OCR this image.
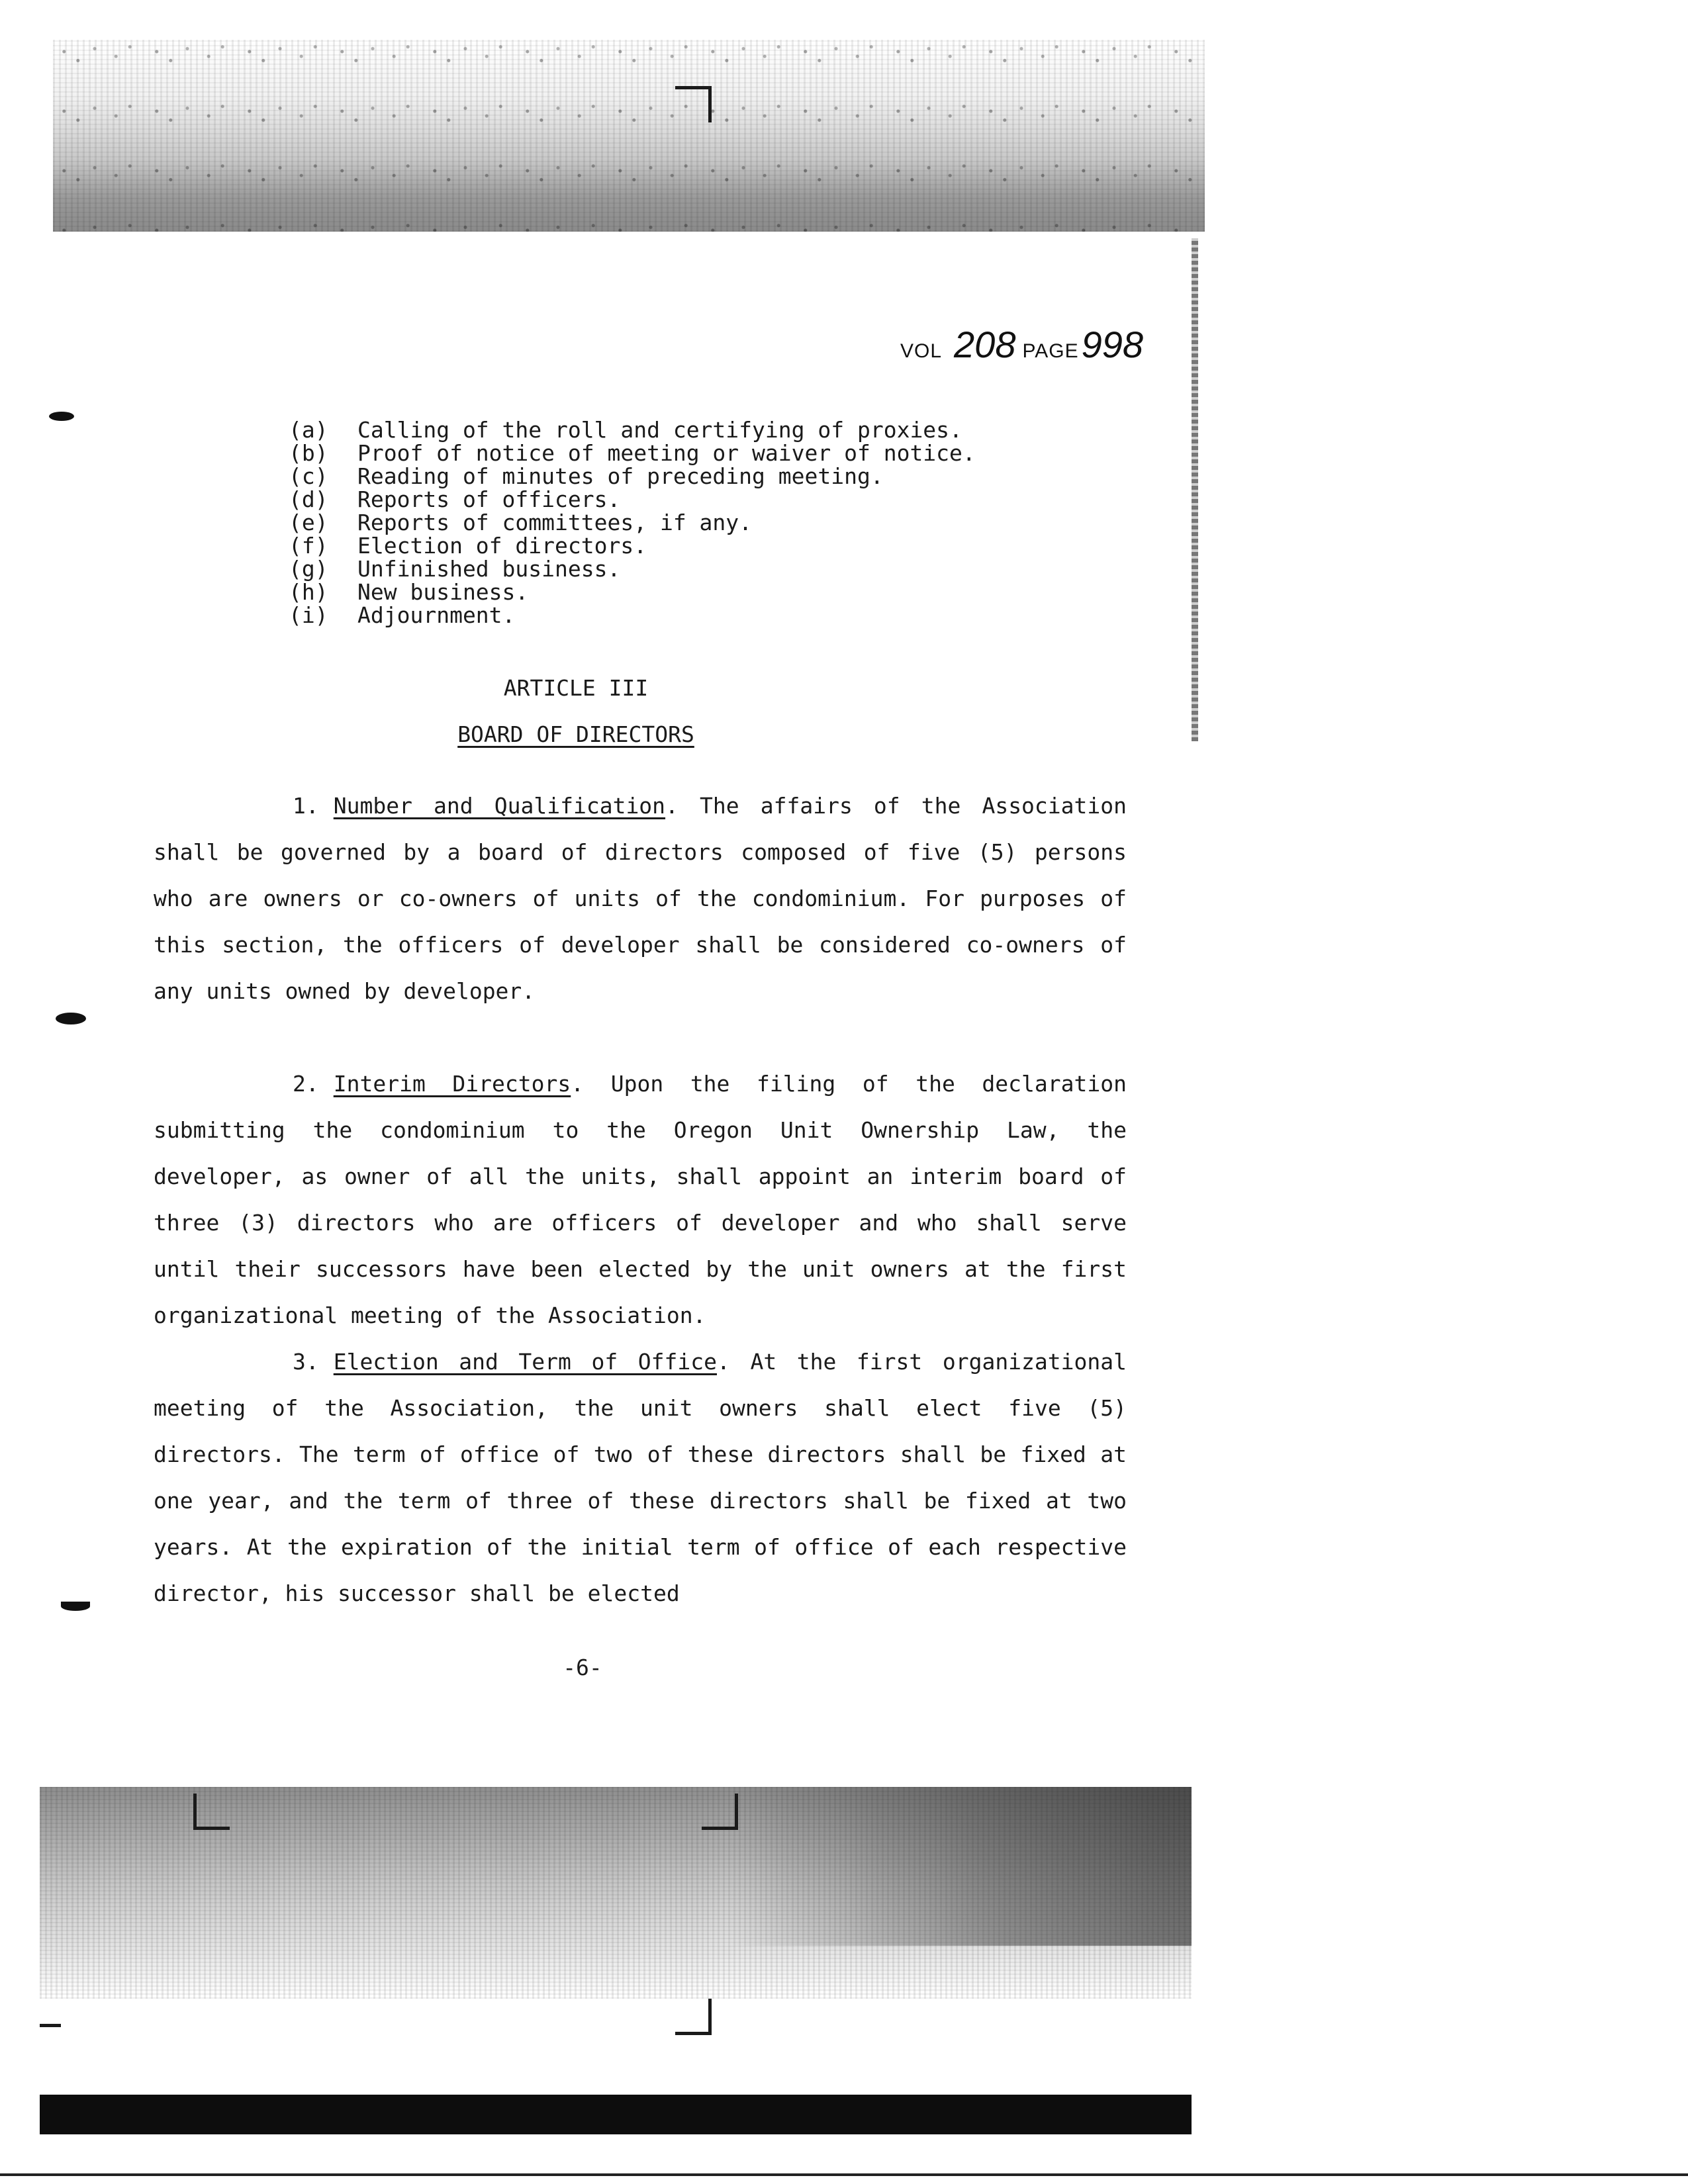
VOL 208 PAGE998
(a) Calling of the roll and certifying of proxies.
(b) Proof of notice of meeting or waiver of notice.
(c) Reading of minutes of preceding meeting.
(d) Reports of officers.
(e) Reports of committees, if any.
(f) Election of directors.
(g) Unfinished business.
(h) New business.
(i) Adjournment.
ARTICLE III
BOARD OF DIRECTORS

1. Number and Qualification. The affairs of the Association shall be governed by a board of directors composed of five (5) persons who are owners or co-owners of units of the condominium. For purposes of this section, the officers of developer shall be considered co-owners of any units owned by developer.

2. Interim Directors. Upon the filing of the declaration submitting the condominium to the Oregon Unit Ownership Law, the developer, as owner of all the units, shall appoint an interim board of three (3) directors who are officers of developer and who shall serve until their successors have been elected by the unit owners at the first organizational meeting of the Association.

3. Election and Term of Office. At the first organizational meeting of the Association, the unit owners shall elect five (5) directors. The term of office of two of these directors shall be fixed at one year, and the term of three of these directors shall be fixed at two years. At the expiration of the initial term of office of each respective director, his successor shall be elected

-6-
